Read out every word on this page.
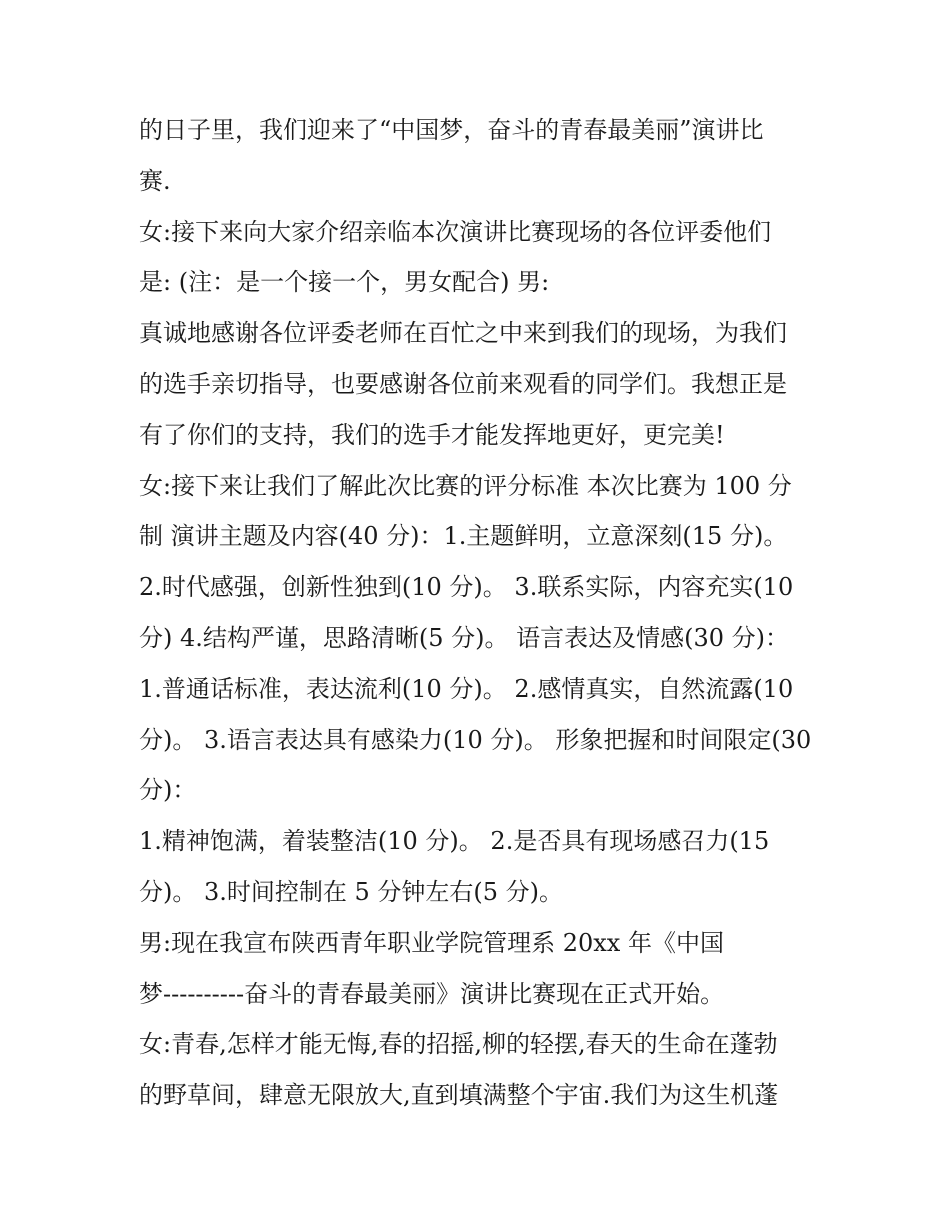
的日子里，我们迎来了“中国梦，奋斗的青春最美丽”演讲比
赛.
女:接下来向大家介绍亲临本次演讲比赛现场的各位评委他们
是: (注：是一个接一个，男女配合) 男:
真诚地感谢各位评委老师在百忙之中来到我们的现场，为我们
的选手亲切指导，也要感谢各位前来观看的同学们。我想正是
有了你们的支持，我们的选手才能发挥地更好，更完美!
女:接下来让我们了解此次比赛的评分标准 本次比赛为 100 分
制 演讲主题及内容(40 分)：1.主题鲜明，立意深刻(15 分)。
2.时代感强，创新性独到(10 分)。 3.联系实际，内容充实(10
分) 4.结构严谨，思路清晰(5 分)。 语言表达及情感(30 分)：
1.普通话标准，表达流利(10 分)。 2.感情真实，自然流露(10
分)。 3.语言表达具有感染力(10 分)。 形象把握和时间限定(30
分)：
1.精神饱满，着装整洁(10 分)。 2.是否具有现场感召力(15
分)。 3.时间控制在 5 分钟左右(5 分)。
男:现在我宣布陕西青年职业学院管理系 20xx 年《中国
梦----------奋斗的青春最美丽》演讲比赛现在正式开始。
女:青春,怎样才能无悔,春的招摇,柳的轻摆,春天的生命在蓬勃
的野草间，肆意无限放大,直到填满整个宇宙.我们为这生机蓬
